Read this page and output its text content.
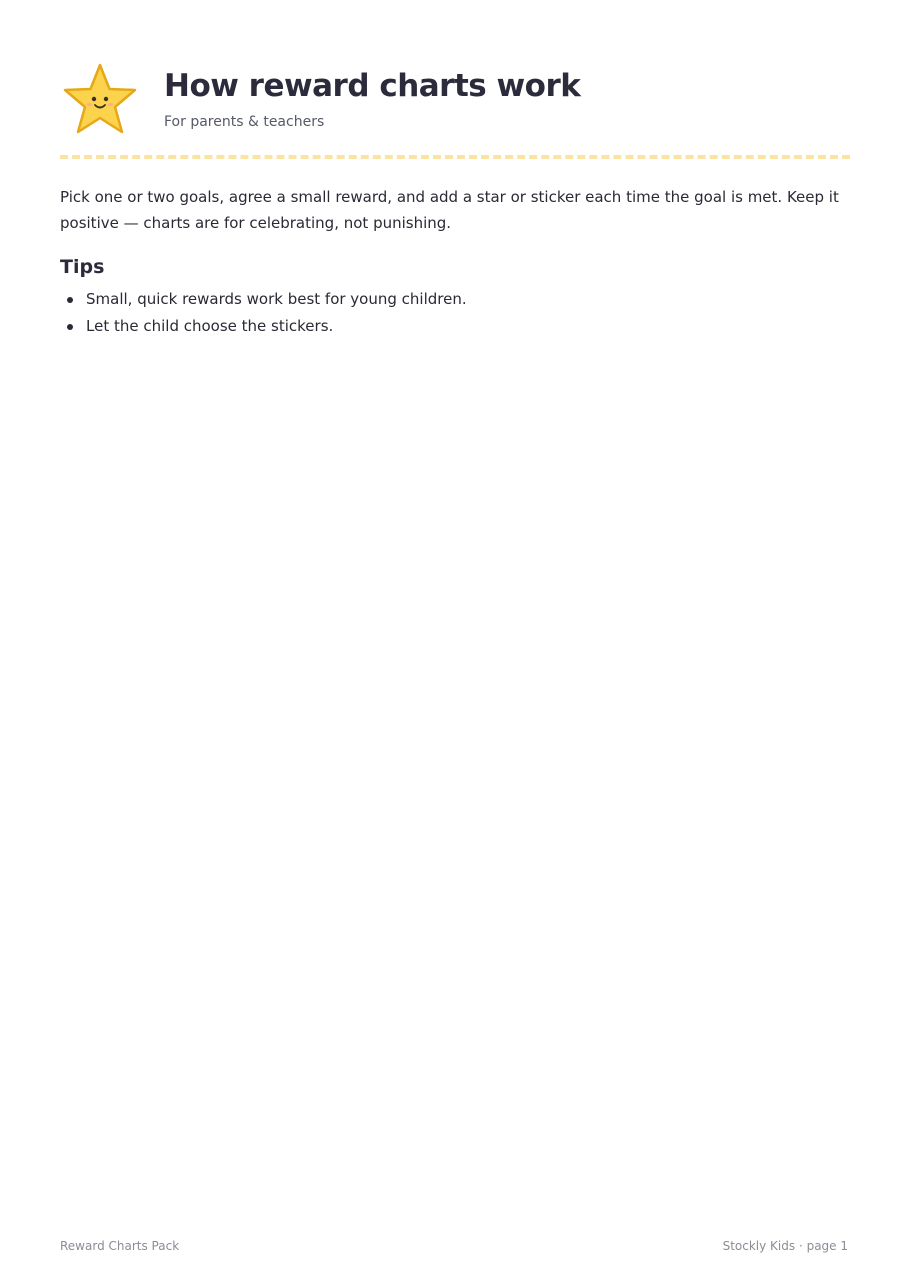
How reward charts work
For parents & teachers

Pick one or two goals, agree a small reward, and add a star or sticker each time the goal is met. Keep it positive — charts are for celebrating, not punishing.

Tips
Small, quick rewards work best for young children.
Let the child choose the stickers.
Reward Charts Pack	Stockly Kids · page 1
